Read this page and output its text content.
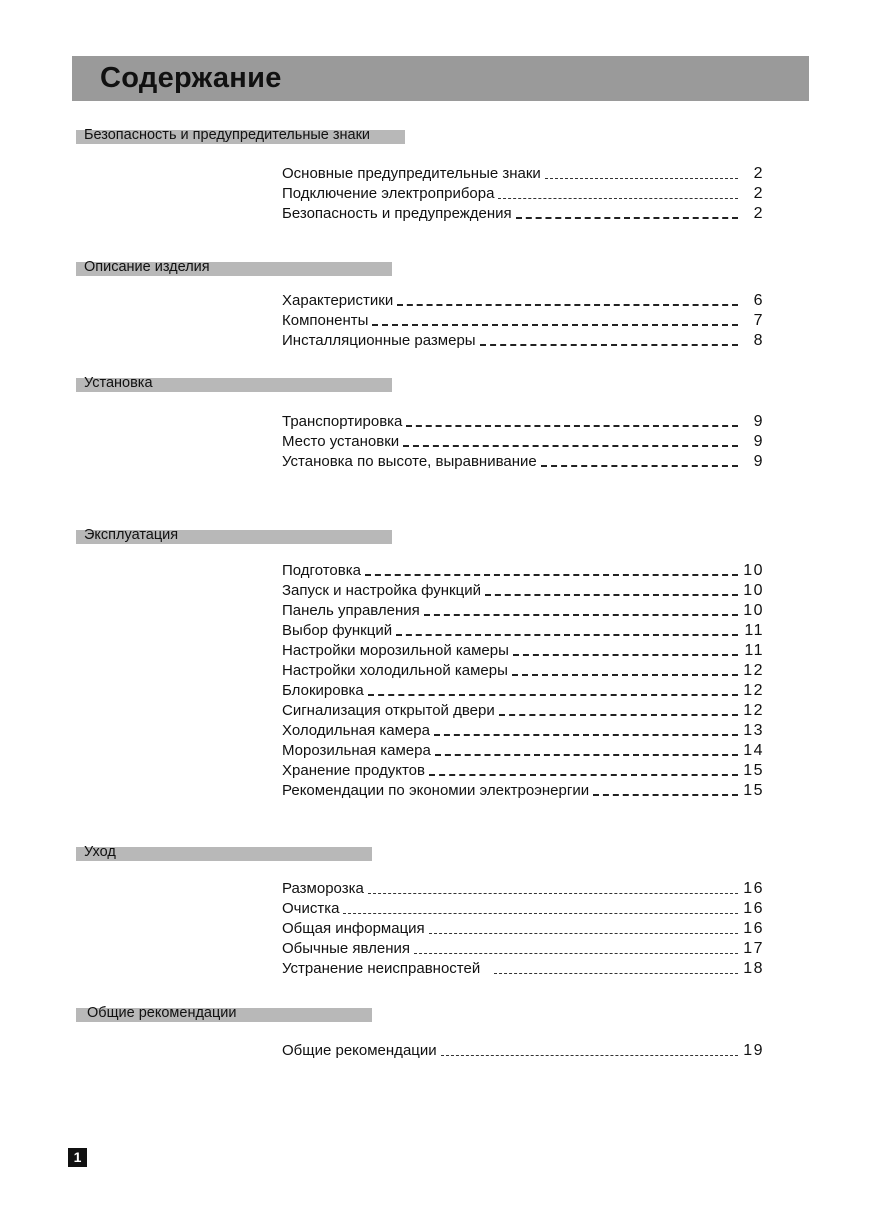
Содержание
Безопасность и предупредительные знаки
Основные предупредительные знаки	2
Подключение электроприбора	2
Безопасность и предупреждения	2
Описание изделия
Характеристики	6
Компоненты	7
Инсталляционные размеры	8
Установка
Транспортировка	9
Место установки	9
Установка по высоте, выравнивание	9
Эксплуатация
Подготовка	10
Запуск и настройка функций	10
Панель управления	10
Выбор функций	11
Настройки морозильной камеры	11
Настройки холодильной камеры	12
Блокировка	12
Сигнализация открытой двери	12
Холодильная камера	13
Морозильная камера	14
Хранение продуктов	15
Рекомендации по экономии электроэнергии	15
Уход
Разморозка	16
Очистка	16
Общая информация	16
Обычные явления	17
Устранение неисправностей	18
Общие рекомендации
Общие рекомендации	19
1
